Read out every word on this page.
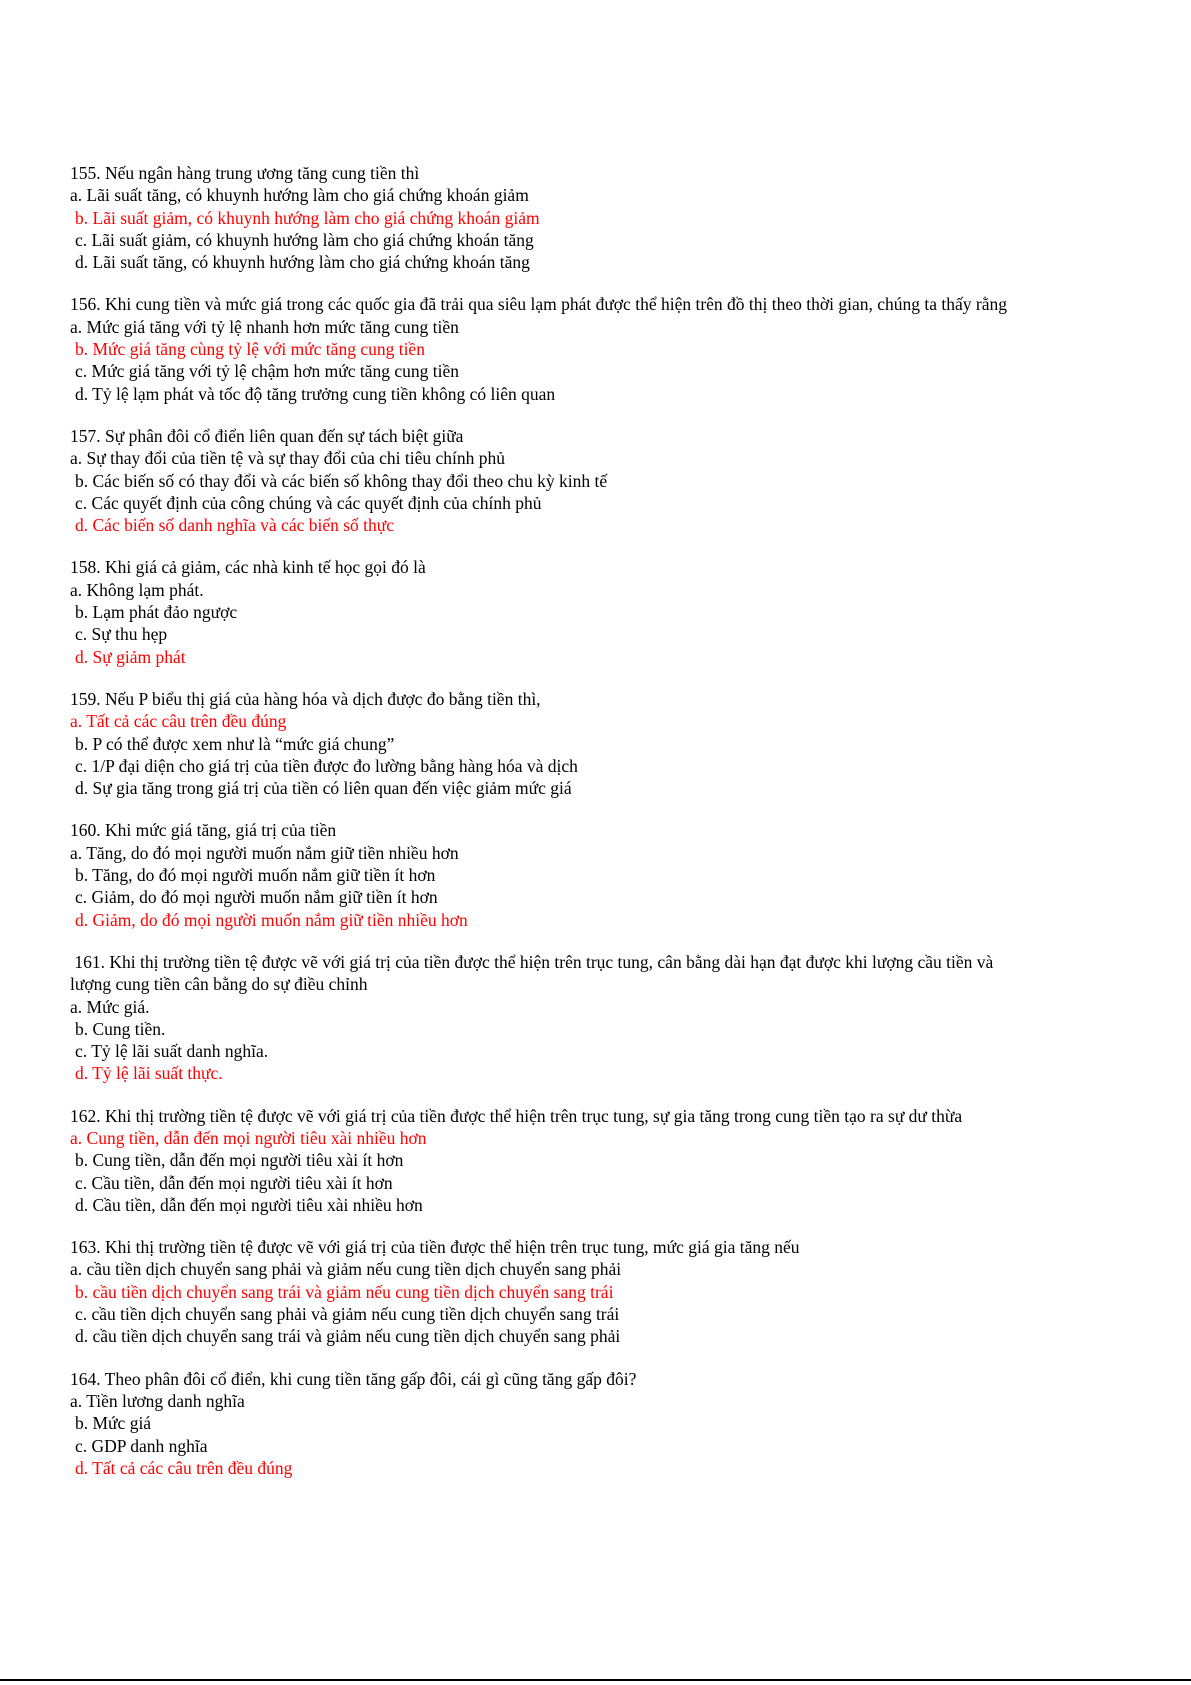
155. Nếu ngân hàng trung ương tăng cung tiền thì

a. Lãi suất tăng, có khuynh hướng làm cho giá chứng khoán giảm

b. Lãi suất giảm, có khuynh hướng làm cho giá chứng khoán giảm

c. Lãi suất giảm, có khuynh hướng làm cho giá chứng khoán tăng

d. Lãi suất tăng, có khuynh hướng làm cho giá chứng khoán tăng

156. Khi cung tiền và mức giá trong các quốc gia đã trải qua siêu lạm phát được thể hiện trên đồ thị theo thời gian, chúng ta thấy rằng

a. Mức giá tăng với tỷ lệ nhanh hơn mức tăng cung tiền

b. Mức giá tăng cùng tỷ lệ với mức tăng cung tiền

c. Mức giá tăng với tỷ lệ chậm hơn mức tăng cung tiền

d. Tỷ lệ lạm phát và tốc độ tăng trưởng cung tiền không có liên quan

157. Sự phân đôi cổ điển liên quan đến sự tách biệt giữa

a. Sự thay đổi của tiền tệ và sự thay đổi của chi tiêu chính phủ

b. Các biến số có thay đổi và các biến số không thay đổi theo chu kỳ kinh tế

c. Các quyết định của công chúng và các quyết định của chính phủ

d. Các biến số danh nghĩa và các biến số thực

158. Khi giá cả giảm, các nhà kinh tế học gọi đó là

a. Không lạm phát.

b. Lạm phát đảo ngược

c. Sự thu hẹp

d. Sự giảm phát

159. Nếu P biểu thị giá của hàng hóa và dịch được đo bằng tiền thì,

a. Tất cả các câu trên đều đúng

b. P có thể được xem như là “mức giá chung”

c. 1/P đại diện cho giá trị của tiền được đo lường bằng hàng hóa và dịch

d. Sự gia tăng trong giá trị của tiền có liên quan đến việc giảm mức giá

160. Khi mức giá tăng, giá trị của tiền

a. Tăng, do đó mọi người muốn nắm giữ tiền nhiều hơn

b. Tăng, do đó mọi người muốn nắm giữ tiền ít hơn

c. Giảm, do đó mọi người muốn nắm giữ tiền ít hơn

d. Giảm, do đó mọi người muốn nắm giữ tiền nhiều hơn

161. Khi thị trường tiền tệ được vẽ với giá trị của tiền được thể hiện trên trục tung, cân bằng dài hạn đạt được khi lượng cầu tiền và lượng cung tiền cân bằng do sự điều chỉnh

a. Mức giá.

b. Cung tiền.

c. Tỷ lệ lãi suất danh nghĩa.

d. Tỷ lệ lãi suất thực.

162. Khi thị trường tiền tệ được vẽ với giá trị của tiền được thể hiện trên trục tung, sự gia tăng trong cung tiền tạo ra sự dư thừa

a. Cung tiền, dẫn đến mọi người tiêu xài nhiều hơn

b. Cung tiền, dẫn đến mọi người tiêu xài ít hơn

c. Cầu tiền, dẫn đến mọi người tiêu xài ít hơn

d. Cầu tiền, dẫn đến mọi người tiêu xài nhiều hơn

163. Khi thị trường tiền tệ được vẽ với giá trị của tiền được thể hiện trên trục tung, mức giá gia tăng nếu

a. cầu tiền dịch chuyển sang phải và giảm nếu cung tiền dịch chuyển sang phải

b. cầu tiền dịch chuyển sang trái và giảm nếu cung tiền dịch chuyển sang trái

c. cầu tiền dịch chuyển sang phải và giảm nếu cung tiền dịch chuyển sang trái

d. cầu tiền dịch chuyển sang trái và giảm nếu cung tiền dịch chuyển sang phải

164. Theo phân đôi cổ điển, khi cung tiền tăng gấp đôi, cái gì cũng tăng gấp đôi?

a. Tiền lương danh nghĩa

b. Mức giá

c. GDP danh nghĩa

d. Tất cả các câu trên đều đúng
